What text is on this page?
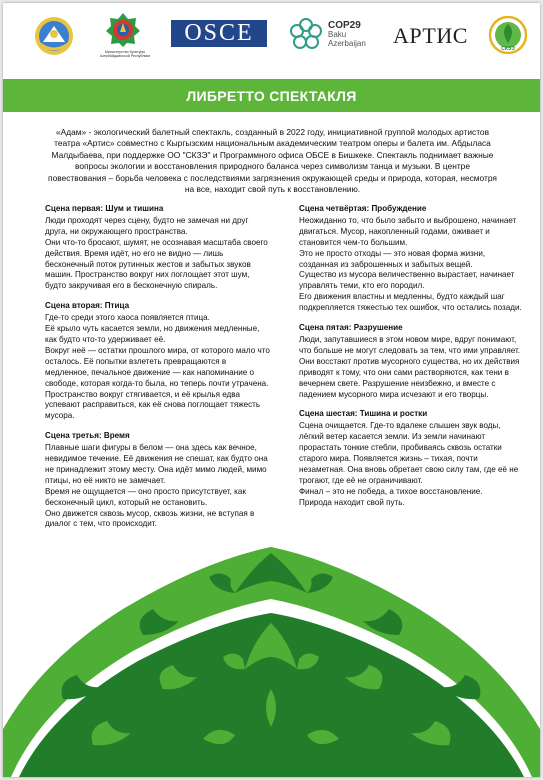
Министерство Культуры
Азербайджанской Республики
OSCE	COP29
Baku
Azerbaijan АРТИС
СКЗЭ
ЛИБРЕТТО СПЕКТАКЛЯ
«Адам» - экологический балетный спектакль, созданный в 2022 году, инициативной группой молодых артистов театра «Артис» совместно с Кыргызским национальным академическим театром оперы и балета им. Абдыласа Малдыбаева, при поддержке ОО "СКЗЭ" и Программного офиса ОБСЕ в Бишкеке. Спектакль поднимает важные вопросы экологии и восстановления природного баланса через символизм танца и музыки. В центре повествования – борьба человека с последствиями загрязнения окружающей среды и природа, которая, несмотря на все, находит свой путь к восстановлению.
Сцена первая: Шум и тишина

Люди проходят через сцену, будто не замечая ни друг друга, ни окружающего пространства.

Они что-то бросают, шумят, не осознавая масштаба своего действия. Время идёт, но его не видно — лишь бесконечный поток рутинных жестов и забытых звуков машин. Пространство вокруг них поглощает этот шум, будто закручивая его в бесконечную спираль.

Сцена вторая: Птица

Где-то среди этого хаоса появляется птица.

Её крыло чуть касается земли, но движения медленные, как будто что-то удерживает её.

Вокруг неё — остатки прошлого мира, от которого мало что осталось. Её попытки взлететь превращаются в медленное, печальное движение — как напоминание о свободе, которая когда-то была, но теперь почти утрачена. Пространство вокруг стягивается, и её крылья едва успевают расправиться, как её снова поглощает тяжесть мусора.

Сцена третья: Время

Плавные шаги фигуры в белом — она здесь как вечное, невидимое течение. Её движения не спешат, как будто она не принадлежит этому месту. Она идёт мимо людей, мимо птицы, но её никто не замечает.

Время не ощущается — оно просто присутствует, как бесконечный цикл, который не остановить.

Оно движется сквозь мусор, сквозь жизни, не вступая в диалог с тем, что происходит.

Сцена четвёртая: Пробуждение

Неожиданно то, что было забыто и выброшено, начинает двигаться. Мусор, накопленный годами, оживает и становится чем-то большим.

Это не просто отходы — это новая форма жизни, созданная из заброшенных и забытых вещей.

Существо из мусора величественно вырастает, начинает управлять теми, кто его породил.

Его движения властны и медленны, будто каждый шаг подкрепляется тяжестью тех ошибок, что остались позади.

Сцена пятая: Разрушение

Люди, запутавшиеся в этом новом мире, вдруг понимают, что больше не могут следовать за тем, что ими управляет. Они восстают против мусорного существа, но их действия приводят к тому, что они сами растворяются, как тени в вечернем свете. Разрушение неизбежно, и вместе с падением мусорного мира исчезают и его творцы.

Сцена шестая: Тишина и ростки

Сцена очищается. Где-то вдалеке слышен звук воды, лёгкий ветер касается земли. Из земли начинают прорастать тонкие стебли, пробиваясь сквозь остатки старого мира. Появляется жизнь – тихая, почти незаметная. Она вновь обретает свою силу там, где её не трогают, где её не ограничивают.

Финал – это не победа, а тихое восстановление.

Природа находит свой путь.
